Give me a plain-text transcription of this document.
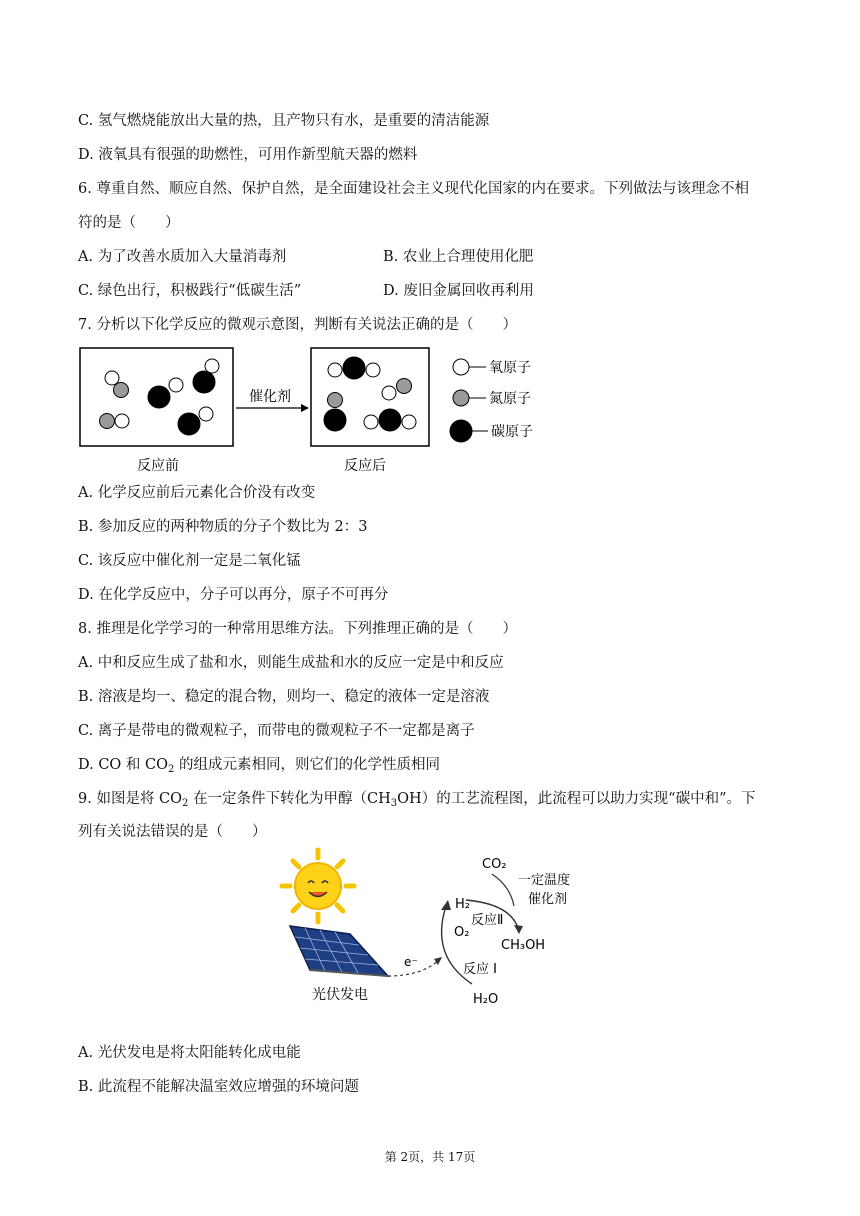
C. 氢气燃烧能放出大量的热，且产物只有水，是重要的清洁能源
D. 液氧具有很强的助燃性，可用作新型航天器的燃料
6. 尊重自然、顺应自然、保护自然，是全面建设社会主义现代化国家的内在要求。下列做法与该理念不相
符的是（　　）
A. 为了改善水质加入大量消毒剂	B. 农业上合理使用化肥
C. 绿色出行，积极践行“低碳生活”	D. 废旧金属回收再利用
7. 分析以下化学反应的微观示意图，判断有关说法正确的是（　　）
催化剂
反应前	反应后
氧原子
氮原子
碳原子
A. 化学反应前后元素化合价没有改变
B. 参加反应的两种物质的分子个数比为 2：3
C. 该反应中催化剂一定是二氧化锰
D. 在化学反应中，分子可以再分，原子不可再分
8. 推理是化学学习的一种常用思维方法。下列推理正确的是（　　）
A. 中和反应生成了盐和水，则能生成盐和水的反应一定是中和反应
B. 溶液是均一、稳定的混合物，则均一、稳定的液体一定是溶液
C. 离子是带电的微观粒子，而带电的微观粒子不一定都是离子
D. CO 和 $CO_2$ 的组成元素相同，则它们的化学性质相同
9. 如图是将 $CO_2$ 在一定条件下转化为甲醇$(CH_3OH)$的工艺流程图，此流程可以助力实现“碳中和”。下
列有关说法错误的是（　　）
光伏发电
e⁻	反应 I
H₂O
O₂
H₂
反应Ⅱ
CO₂
一定温度
催化剂
CH₃OH
A. 光伏发电是将太阳能转化成电能
B. 此流程不能解决温室效应增强的环境问题
第 2页，共 17页
